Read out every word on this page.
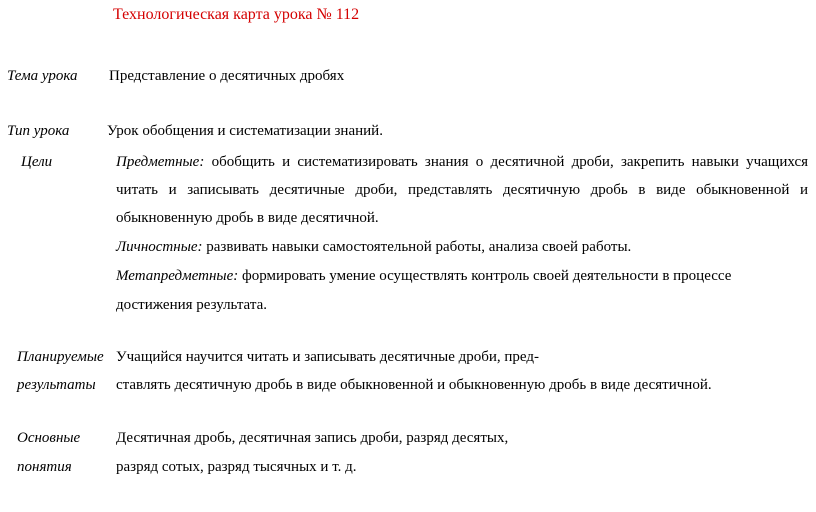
Технологическая карта урока № 112
Тема урока Представление о десятичных дробях
Тип урока	Урок обобщения и систематизации знаний.
Цели	Предметные: обобщить и систематизировать знания о десятичной дроби, закрепить навыки учащихся
читать и записывать десятичные дроби, представлять десятичную дробь в виде обыкновенной и
обыкновенную дробь в виде десятичной.
Личностные: развивать навыки самостоятельной работы, анализа своей работы.
Метапредметные: формировать умение осуществлять контроль своей деятельности в процессе
достижения результата.
Планируемые
результаты
Учащийся научится читать и записывать десятичные дроби, пред-
ставлять десятичную дробь в виде обыкновенной и обыкновенную дробь в виде десятичной.
Основные
понятия
Десятичная дробь, десятичная запись дроби, разряд десятых,
разряд сотых, разряд тысячных и т. д.
